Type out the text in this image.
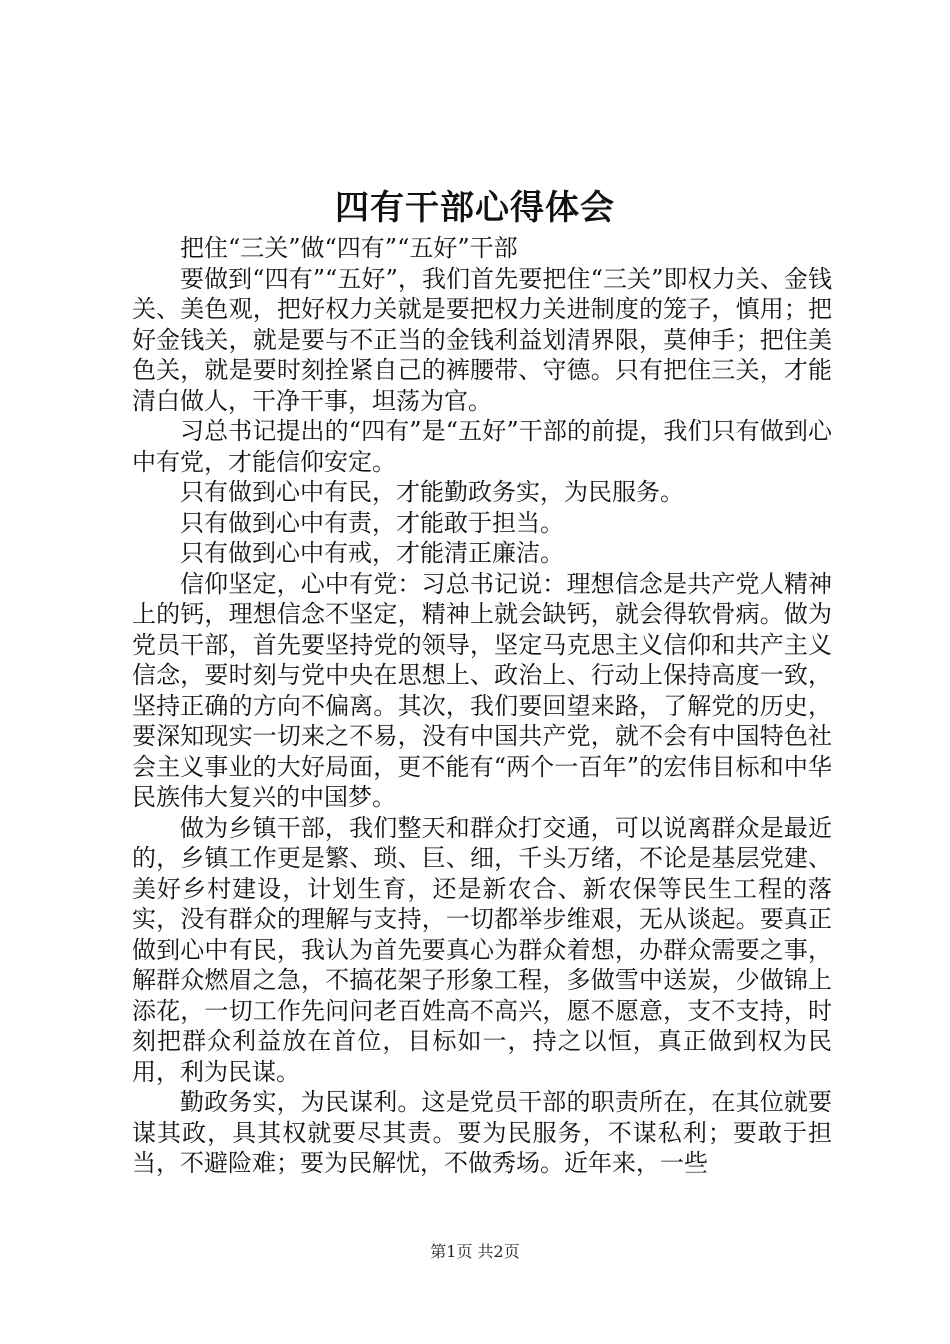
四有干部心得体会

把住“三关”做“四有”“五好”干部

要做到“四有”“五好”，我们首先要把住“三关”即权力关、金钱关、美色观，把好权力关就是要把权力关进制度的笼子，慎用；把好金钱关，就是要与不正当的金钱利益划清界限，莫伸手；把住美色关，就是要时刻拴紧自己的裤腰带、守德。只有把住三关，才能清白做人，干净干事，坦荡为官。

习总书记提出的“四有”是“五好”干部的前提，我们只有做到心中有党，才能信仰安定。

只有做到心中有民，才能勤政务实，为民服务。

只有做到心中有责，才能敢于担当。

只有做到心中有戒，才能清正廉洁。

信仰坚定，心中有党：习总书记说：理想信念是共产党人精神上的钙，理想信念不坚定，精神上就会缺钙，就会得软骨病。做为党员干部，首先要坚持党的领导，坚定马克思主义信仰和共产主义信念，要时刻与党中央在思想上、政治上、行动上保持高度一致，坚持正确的方向不偏离。其次，我们要回望来路，了解党的历史，要深知现实一切来之不易，没有中国共产党，就不会有中国特色社会主义事业的大好局面，更不能有“两个一百年”的宏伟目标和中华民族伟大复兴的中国梦。

做为乡镇干部，我们整天和群众打交通，可以说离群众是最近的，乡镇工作更是繁、琐、巨、细，千头万绪，不论是基层党建、美好乡村建设，计划生育，还是新农合、新农保等民生工程的落实，没有群众的理解与支持，一切都举步维艰，无从谈起。要真正做到心中有民，我认为首先要真心为群众着想，办群众需要之事，解群众燃眉之急，不搞花架子形象工程，多做雪中送炭，少做锦上添花，一切工作先问问老百姓高不高兴，愿不愿意，支不支持，时刻把群众利益放在首位，目标如一，持之以恒，真正做到权为民用，利为民谋。

勤政务实，为民谋利。这是党员干部的职责所在，在其位就要谋其政，具其权就要尽其责。要为民服务，不谋私利；要敢于担当，不避险难；要为民解忧，不做秀场。近年来，一些

第1页 共2页
